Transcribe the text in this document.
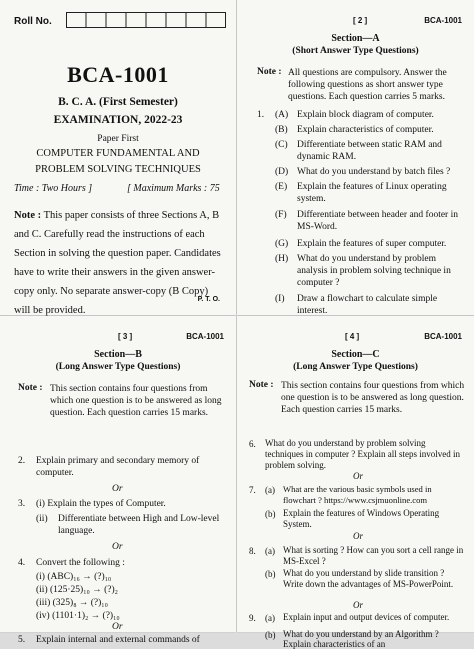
Roll No.
BCA-1001
B. C. A. (First Semester)
EXAMINATION, 2022-23
Paper First
COMPUTER FUNDAMENTAL AND
PROBLEM SOLVING TECHNIQUES
Time : Two Hours ]	[ Maximum Marks : 75
Note : This paper consists of three Sections A, B and C. Carefully read the instructions of each Section in solving the question paper. Candidates have to write their answers in the given answer-copy only. No separate answer-copy (B Copy) will be provided.
P. T. O.
[ 2 ]	BCA-1001
Section—A
(Short Answer Type Questions)
Note : All questions are compulsory. Answer the following questions as short answer type questions. Each question carries 5 marks.
1. (A) Explain block diagram of computer.
(B) Explain characteristics of computer.
(C) Differentiate between static RAM and dynamic RAM.
(D) What do you understand by batch files ?
(E) Explain the features of Linux operating system.
(F) Differentiate between header and footer in MS-Word.
(G) Explain the features of super computer.
(H) What do you understand by problem analysis in problem solving technique in computer ?
(I) Draw a flowchart to calculate simple interest.
[ 3 ]	BCA-1001
Section—B
(Long Answer Type Questions)
Note : This section contains four questions from which one question is to be answered as long question. Each question carries 15 marks.
2. Explain primary and secondary memory of computer.
Or
3. (i) Explain the types of Computer.
(ii) Differentiate between High and Low-level language.
Or
4. Convert the following :
(i) (ABC)₁₆ → (?)₁₀
(ii) (125·25)₁₀ → (?)₂
(iii) (325)₈ → (?)₁₀
(iv) (1101·1)₂ → (?)₁₀
Or
5. Explain internal and external commands of
[ 4 ]	BCA-1001
Section—C
(Long Answer Type Questions)
Note : This section contains four questions from which one question is to be answered as long question. Each question carries 15 marks.
6. What do you understand by problem solving techniques in computer ? Explain all steps involved in problem solving.
Or
7. (a) What are the various basic symbols used in flowchart ? https://www.csjmuonline.com
(b) Explain the features of Windows Operating System.
Or
8. (a) What is sorting ? How can you sort a cell range in MS-Excel ?
(b) What do you understand by slide transition ? Write down the advantages of MS-PowerPoint.
Or
9. (a) Explain input and output devices of computer.
(b) What do you understand by an Algorithm ? Explain characteristics of an
